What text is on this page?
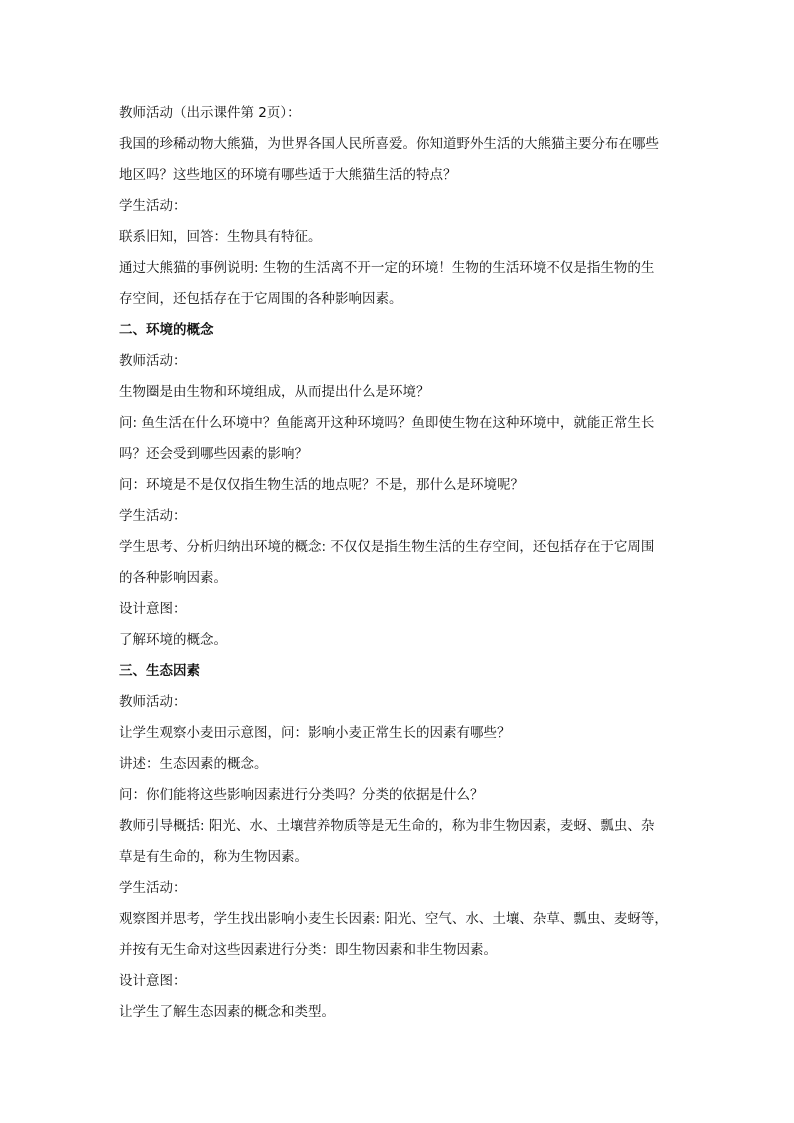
教师活动（出示课件第 2页）：
我国的珍稀动物大熊猫，为世界各国人民所喜爱。你知道野外生活的大熊猫主要分布在哪些
地区吗？这些地区的环境有哪些适于大熊猫生活的特点？
学生活动：
联系旧知，回答：生物具有特征。
通过大熊猫的事例说明: 生物的生活离不开一定的环境！生物的生活环境不仅是指生物的生
存空间，还包括存在于它周围的各种影响因素。
二、环境的概念
教师活动：
生物圈是由生物和环境组成，从而提出什么是环境？
问: 鱼生活在什么环境中？鱼能离开这种环境吗？鱼即使生物在这种环境中，就能正常生长
吗？还会受到哪些因素的影响？
问：环境是不是仅仅指生物生活的地点呢？不是，那什么是环境呢？
学生活动：
学生思考、分析归纳出环境的概念: 不仅仅是指生物生活的生存空间，还包括存在于它周围
的各种影响因素。
设计意图：
了解环境的概念。
三、生态因素
教师活动：
让学生观察小麦田示意图，问：影响小麦正常生长的因素有哪些？
讲述：生态因素的概念。
问：你们能将这些影响因素进行分类吗？分类的依据是什么？
教师引导概括: 阳光、水、土壤营养物质等是无生命的，称为非生物因素，麦蚜、瓢虫、杂
草是有生命的，称为生物因素。
学生活动：
观察图并思考，学生找出影响小麦生长因素: 阳光、空气、水、土壤、杂草、瓢虫、麦蚜等，
并按有无生命对这些因素进行分类：即生物因素和非生物因素。
设计意图：
让学生了解生态因素的概念和类型。
